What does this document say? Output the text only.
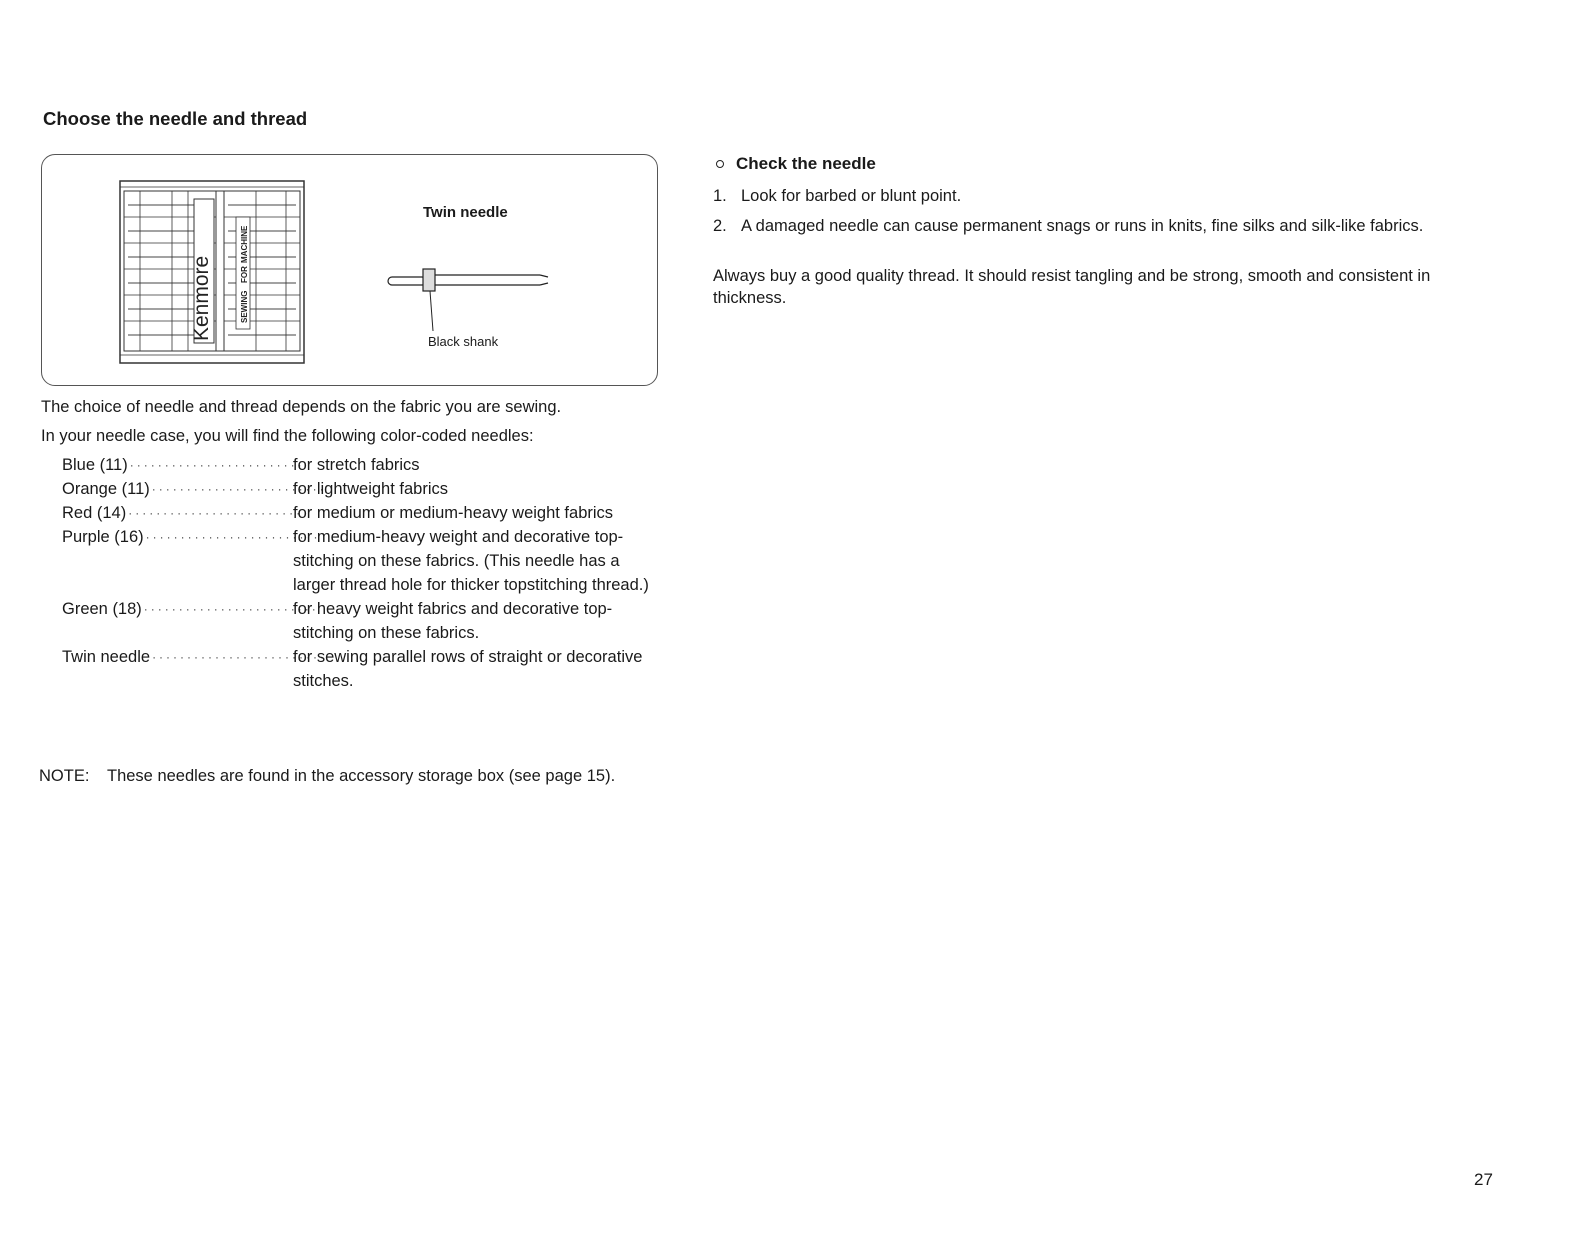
Choose the needle and thread
Kenmore	SEWING
FOR
MACHINE
Twin needle
Black shank

The choice of needle and thread depends on the fabric you are sewing.

In your needle case, you will find the following color-coded needles:

Blue (11) ·························
for stretch fabrics
Orange (11) ·························
for lightweight fabrics
Red (14) ·························
for medium or medium-heavy weight fabrics
Purple (16) ·························
for medium-heavy weight and decorative top-stitching on these fabrics. (This needle has a larger thread hole for thicker topstitching thread.)
Green (18) ·························
for heavy weight fabrics and decorative top-stitching on these fabrics.
Twin needle ·························
for sewing parallel rows of straight or decorative stitches.
NOTE:	These needles are found in the accessory storage box (see page 15).
Check the needle
1. Look for barbed or blunt point.
2. A damaged needle can cause permanent snags or runs in knits, fine silks and silk-like fabrics.

Always buy a good quality thread. It should resist tangling and be strong, smooth and consistent in thickness.

27
